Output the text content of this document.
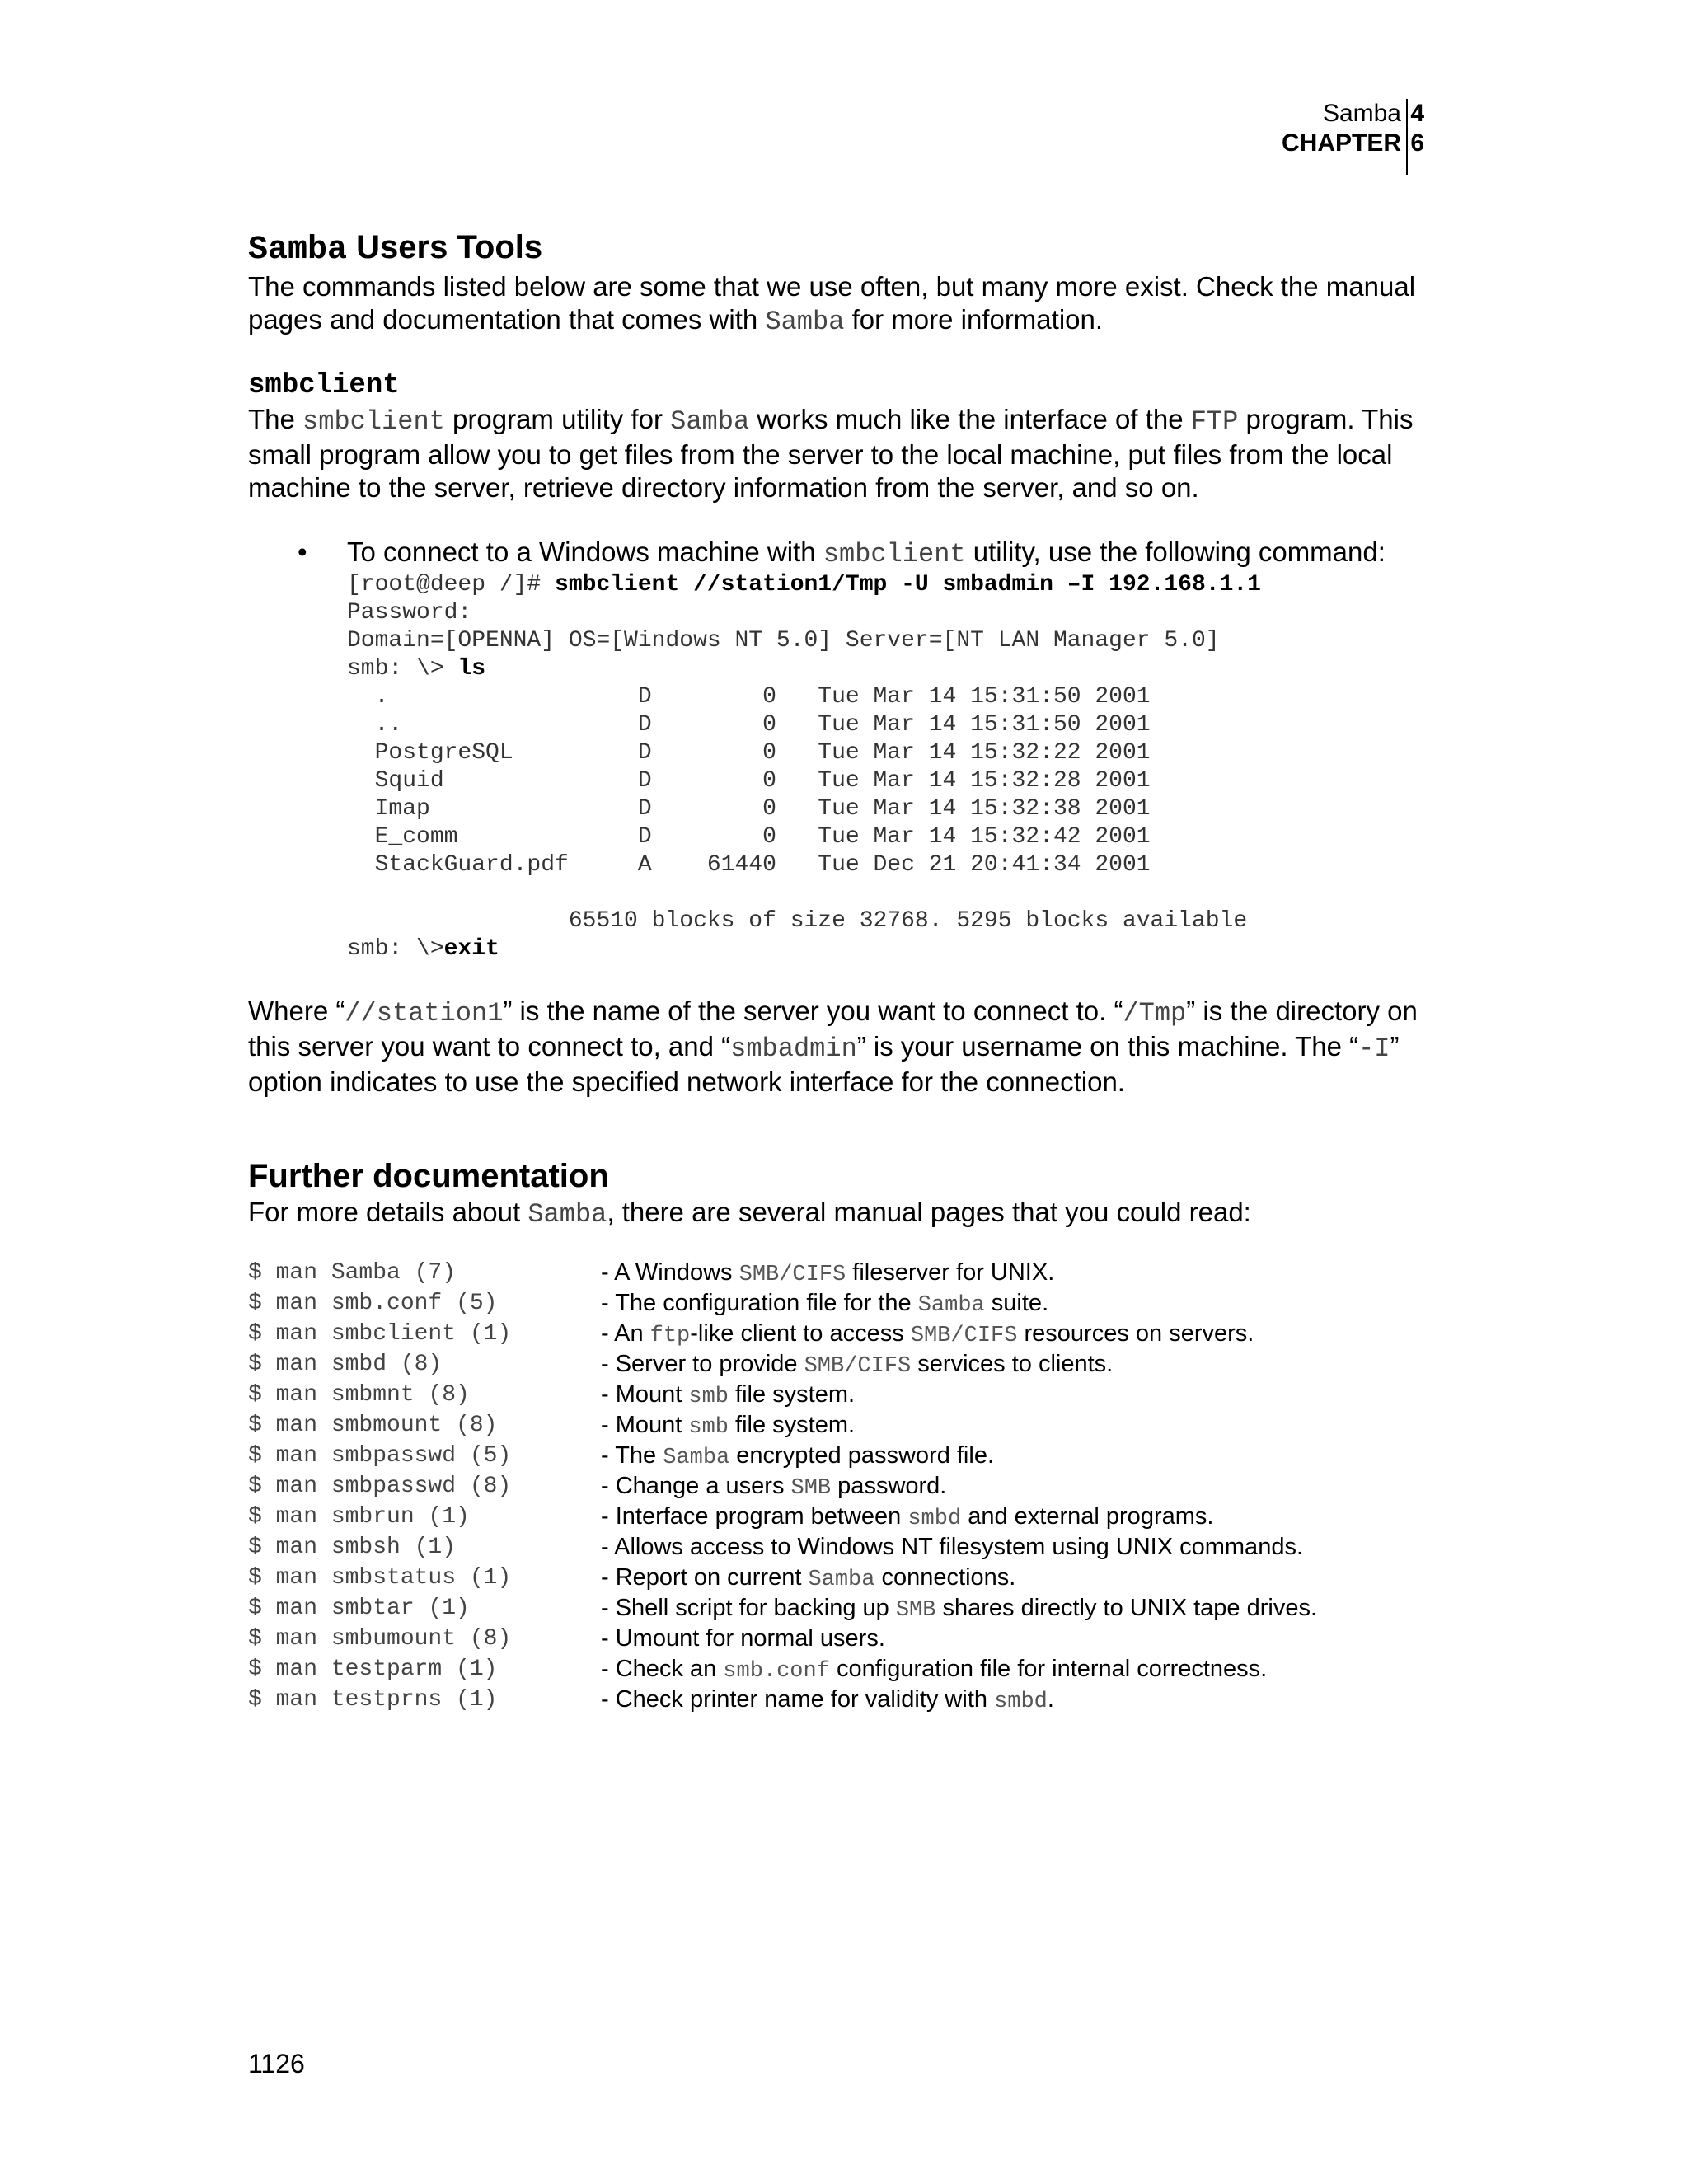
Samba
CHAPTER
4
6
Samba Users Tools

The commands listed below are some that we use often, but many more exist. Check the manual pages and documentation that comes with Samba for more information.

smbclient

The smbclient program utility for Samba works much like the interface of the FTP program. This small program allow you to get files from the server to the local machine, put files from the local machine to the server, retrieve directory information from the server, and so on.

• To connect to a Windows machine with smbclient utility, use the following command:
[root@deep /]# smbclient //station1/Tmp -U smbadmin –I 192.168.1.1
Password:
Domain=[OPENNA] OS=[Windows NT 5.0] Server=[NT LAN Manager 5.0]
smb: \> ls
.                  D        0   Tue Mar 14 15:31:50 2001
..                 D        0   Tue Mar 14 15:31:50 2001
PostgreSQL         D        0   Tue Mar 14 15:32:22 2001
Squid              D        0   Tue Mar 14 15:32:28 2001
Imap               D        0   Tue Mar 14 15:32:38 2001
E_comm             D        0   Tue Mar 14 15:32:42 2001
StackGuard.pdf     A    61440   Tue Dec 21 20:41:34 2001

65510 blocks of size 32768. 5295 blocks available
smb: \>exit

Where “//station1” is the name of the server you want to connect to. “/Tmp” is the directory on this server you want to connect to, and “smbadmin” is your username on this machine. The “-I” option indicates to use the specified network interface for the connection.

Further documentation

For more details about Samba, there are several manual pages that you could read:

$ man Samba (7)	- A Windows SMB/CIFS fileserver for UNIX.
$ man smb.conf (5)	- The configuration file for the Samba suite.
$ man smbclient (1)	- An ftp-like client to access SMB/CIFS resources on servers.
$ man smbd (8)	- Server to provide SMB/CIFS services to clients.
$ man smbmnt (8)	- Mount smb file system.
$ man smbmount (8)	- Mount smb file system.
$ man smbpasswd (5)	- The Samba encrypted password file.
$ man smbpasswd (8)	- Change a users SMB password.
$ man smbrun (1)	- Interface program between smbd and external programs.
$ man smbsh (1)	- Allows access to Windows NT filesystem using UNIX commands.
$ man smbstatus (1)	- Report on current Samba connections.
$ man smbtar (1)	- Shell script for backing up SMB shares directly to UNIX tape drives.
$ man smbumount (8)	- Umount for normal users.
$ man testparm (1)	- Check an smb.conf configuration file for internal correctness.
$ man testprns (1)	- Check printer name for validity with smbd.
1126
